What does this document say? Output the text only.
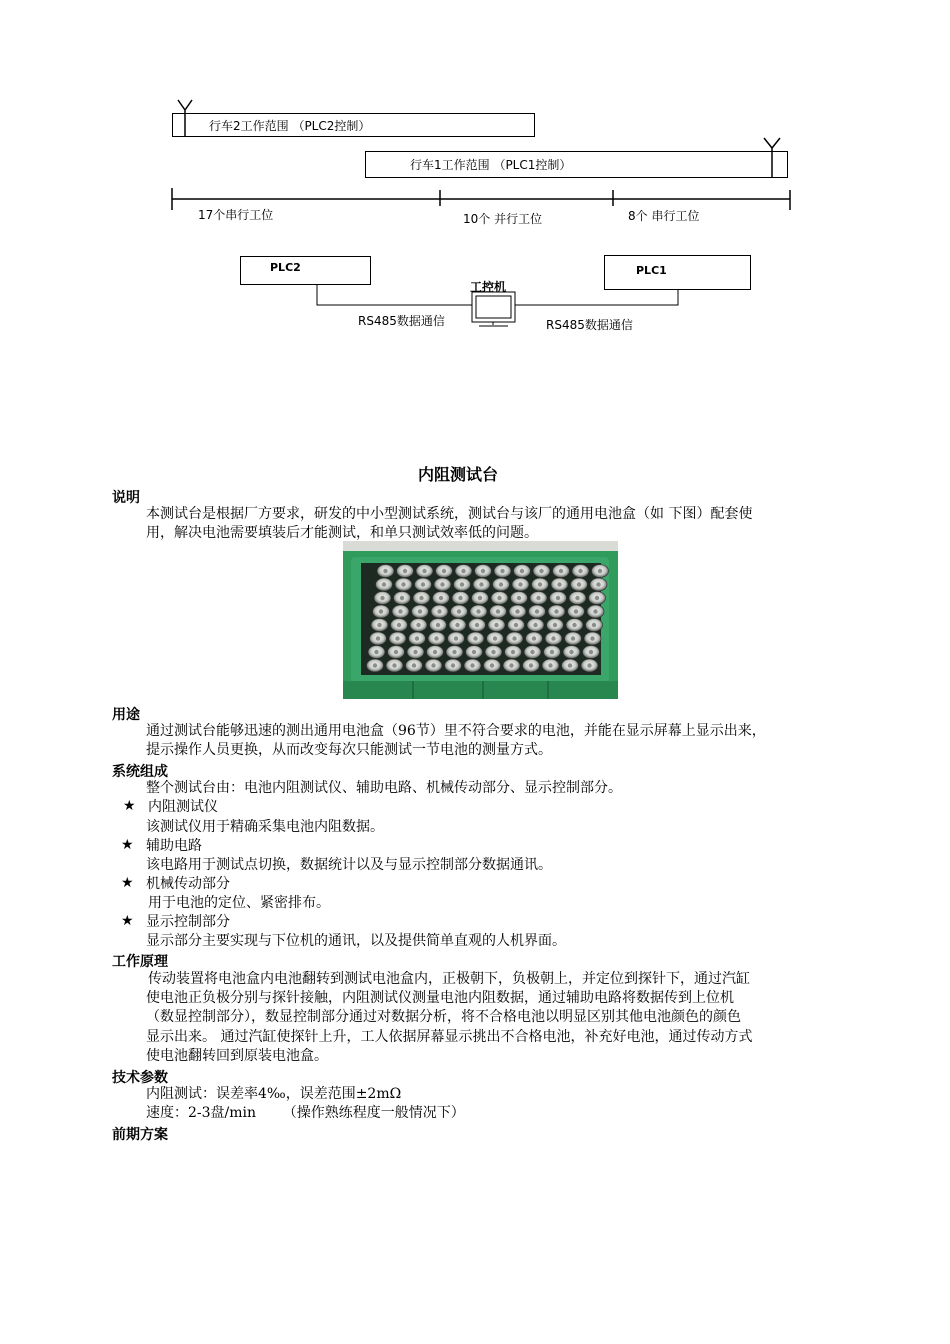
行车2工作范围 （PLC2控制）
行车1工作范围 （PLC1控制）
17个串行工位	10个 并行工位	8个 串行工位
PLC2	PLC1
工控机
RS485数据通信	RS485数据通信
内阻测试台
说明
本测试台是根据厂方要求，研发的中小型测试系统，测试台与该厂的通用电池盒（如 下图）配套使
用，解决电池需要填装后才能测试，和单只测试效率低的问题。
用途
通过测试台能够迅速的测出通用电池盒（96节）里不符合要求的电池，并能在显示屏幕上显示出来，
提示操作人员更换，从而改变每次只能测试一节电池的测量方式。
系统组成
整个测试台由：电池内阻测试仪、辅助电路、机械传动部分、显示控制部分。
★ 内阻测试仪
该测试仪用于精确采集电池内阻数据。
★ 辅助电路
该电路用于测试点切换，数据统计以及与显示控制部分数据通讯。
★ 机械传动部分
用于电池的定位、紧密排布。
★ 显示控制部分
显示部分主要实现与下位机的通讯，以及提供简单直观的人机界面。
工作原理
传动装置将电池盒内电池翻转到测试电池盒内，正极朝下，负极朝上，并定位到探针下，通过汽缸
使电池正负极分别与探针接触，内阻测试仪测量电池内阻数据，通过辅助电路将数据传到上位机
（数显控制部分），数显控制部分通过对数据分析，将不合格电池以明显区别其他电池颜色的颜色
显示出来。 通过汽缸使探针上升，工人依据屏幕显示挑出不合格电池，补充好电池，通过传动方式
使电池翻转回到原装电池盒。
技术参数
内阻测试：误差率4‰，误差范围±2mΩ
速度：2-3盘/min      （操作熟练程度一般情况下）
前期方案
